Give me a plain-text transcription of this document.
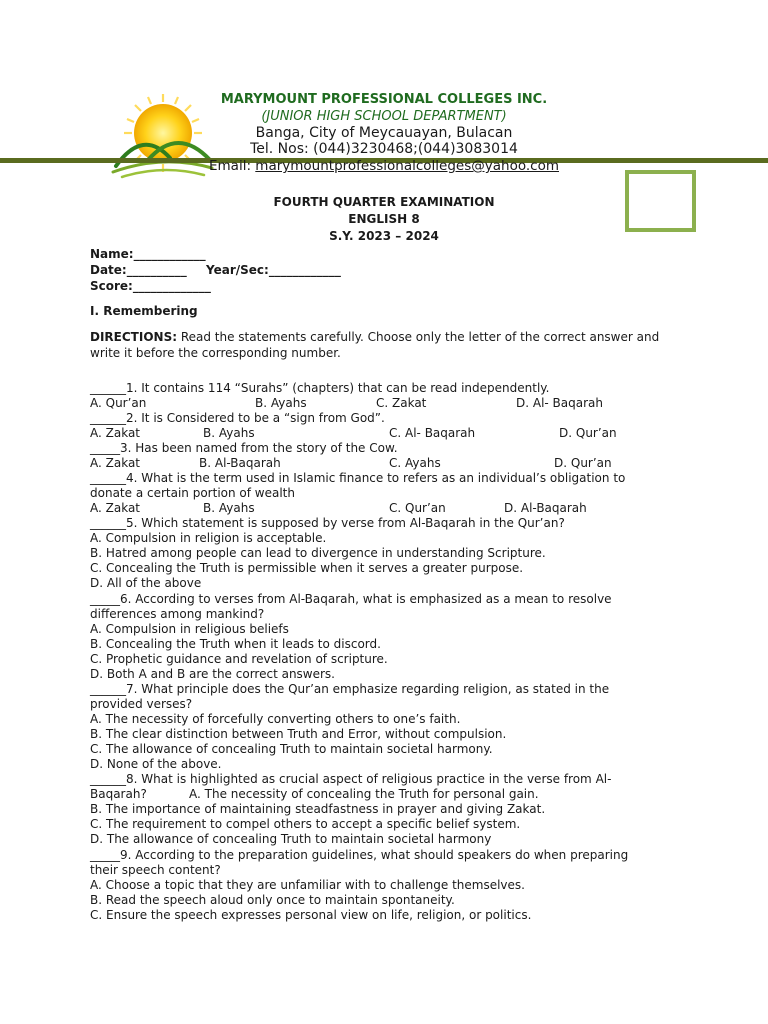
MARYMOUNT PROFESSIONAL COLLEGES INC.
(JUNIOR HIGH SCHOOL DEPARTMENT)
Banga, City of Meycauayan, Bulacan
Tel. Nos: (044)3230468;(044)3083014
Email: marymountprofessionalcolleges@yahoo.com
FOURTH QUARTER EXAMINATION
ENGLISH 8
S.Y. 2023 – 2024
Name:____________
Date:__________ Year/Sec:____________
Score:_____________
I. Remembering
DIRECTIONS: Read the statements carefully. Choose only the letter of the correct answer and write it before the corresponding number.
______1. It contains 114 “Surahs” (chapters) that can be read independently.
A. Qur’an	B. Ayahs	C. Zakat	D. Al- Baqarah
______2. It is Considered to be a “sign from God”.
A. Zakat	B. Ayahs	C. Al- Baqarah	D. Qur’an
_____3. Has been named from the story of the Cow.
A. Zakat	B. Al-Baqarah	C. Ayahs	D. Qur’an
______4. What is the term used in Islamic finance to refers as an individual’s obligation to
donate a certain portion of wealth
A. Zakat	B. Ayahs	C. Qur’an	D. Al-Baqarah
______5. Which statement is supposed by verse from Al-Baqarah in the Qur’an?
A. Compulsion in religion is acceptable.
B. Hatred among people can lead to divergence in understanding Scripture.
C. Concealing the Truth is permissible when it serves a greater purpose.
D. All of the above
_____6. According to verses from Al-Baqarah, what is emphasized as a mean to resolve
differences among mankind?
A. Compulsion in religious beliefs
B. Concealing the Truth when it leads to discord.
C. Prophetic guidance and revelation of scripture.
D. Both A and B are the correct answers.
______7. What principle does the Qur’an emphasize regarding religion, as stated in the
provided verses?
A. The necessity of forcefully converting others to one’s faith.
B. The clear distinction between Truth and Error, without compulsion.
C. The allowance of concealing Truth to maintain societal harmony.
D. None of the above.
______8. What is highlighted as crucial aspect of religious practice in the verse from Al-
Baqarah?	A. The necessity of concealing the Truth for personal gain.
B. The importance of maintaining steadfastness in prayer and giving Zakat.
C. The requirement to compel others to accept a specific belief system.
D. The allowance of concealing Truth to maintain societal harmony
_____9. According to the preparation guidelines, what should speakers do when preparing
their speech content?
A. Choose a topic that they are unfamiliar with to challenge themselves.
B. Read the speech aloud only once to maintain spontaneity.
C. Ensure the speech expresses personal view on life, religion, or politics.
